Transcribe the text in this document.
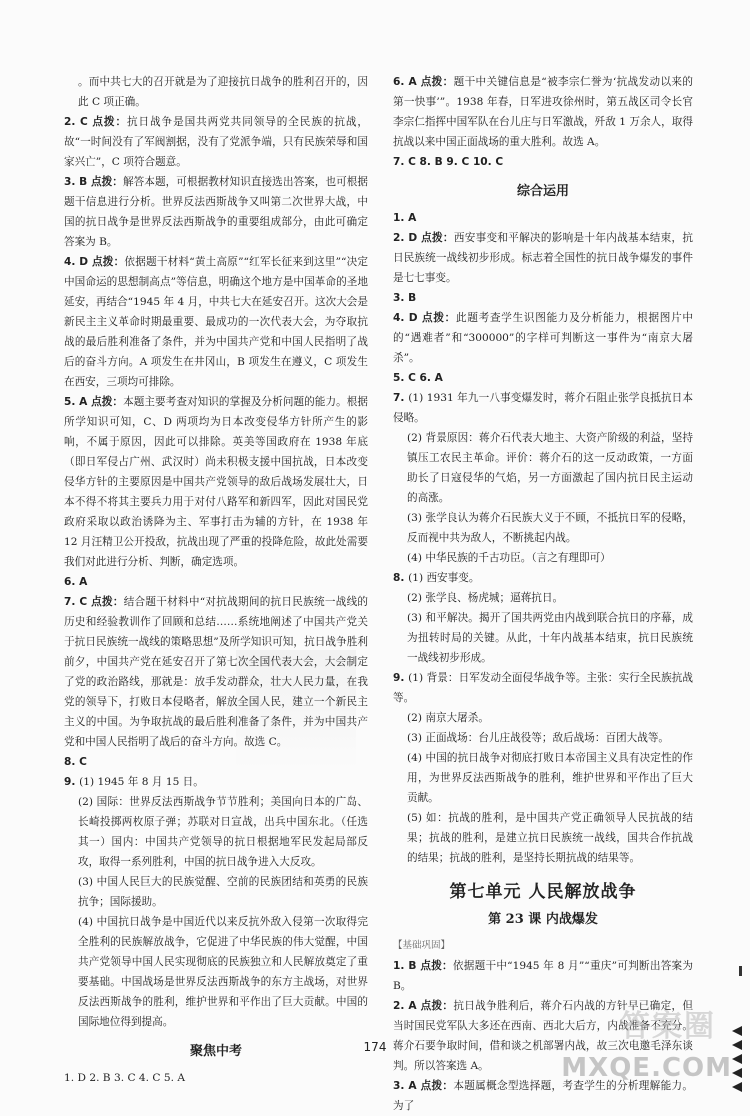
。而中共七大的召开就是为了迎接抗日战争的胜利召开的，因此 C 项正确。

2. C 点拨：抗日战争是国共两党共同领导的全民族的抗战，故“一时间没有了军阀割据，没有了党派争端，只有民族荣辱和国家兴亡”，C 项符合题意。

3. B 点拨：解答本题，可根据教材知识直接选出答案，也可根据题干信息进行分析。世界反法西斯战争又叫第二次世界大战，中国的抗日战争是世界反法西斯战争的重要组成部分，由此可确定答案为 B。

4. D 点拨：依据题干材料“黄土高原”“红军长征来到这里”“决定中国命运的思想制高点”等信息，明确这个地方是中国革命的圣地延安，再结合“1945 年 4 月，中共七大在延安召开。这次大会是新民主主义革命时期最重要、最成功的一次代表大会，为夺取抗战的最后胜利准备了条件，并为中国共产党和中国人民指明了战后的奋斗方向。A 项发生在井冈山，B 项发生在遵义，C 项发生在西安，三项均可排除。

5. A 点拨：本题主要考查对知识的掌握及分析问题的能力。根据所学知识可知，C、D 两项均为日本改变侵华方针所产生的影响，不属于原因，因此可以排除。英美等国政府在 1938 年底（即日军侵占广州、武汉时）尚未积极支援中国抗战，日本改变侵华方针的主要原因是中国共产党领导的敌后战场发展壮大，日本不得不将其主要兵力用于对付八路军和新四军，因此对国民党政府采取以政治诱降为主、军事打击为辅的方针，在 1938 年 12 月汪精卫公开投敌，抗战出现了严重的投降危险，故此处需要我们对此进行分析、判断，确定选项。

6. A

7. C 点拨：结合题干材料中“对抗战期间的抗日民族统一战线的历史和经验教训作了回顾和总结……系统地阐述了中国共产党关于抗日民族统一战线的策略思想”及所学知识可知，抗日战争胜利前夕，中国共产党在延安召开了第七次全国代表大会，大会制定了党的政治路线，那就是：放手发动群众，壮大人民力量，在我党的领导下，打败日本侵略者，解放全国人民，建立一个新民主主义的中国。为争取抗战的最后胜利准备了条件，并为中国共产党和中国人民指明了战后的奋斗方向。故选 C。

8. C

9. (1) 1945 年 8 月 15 日。

(2) 国际：世界反法西斯战争节节胜利；美国向日本的广岛、长崎投掷两枚原子弹；苏联对日宣战，出兵中国东北。（任选其一）国内：中国共产党领导的抗日根据地军民发起局部反攻，取得一系列胜利，中国的抗日战争进入大反攻。

(3) 中国人民巨大的民族觉醒、空前的民族团结和英勇的民族抗争；国际援助。

(4) 中国抗日战争是中国近代以来反抗外敌入侵第一次取得完全胜利的民族解放战争，它促进了中华民族的伟大觉醒，中国共产党领导中国人民实现彻底的民族独立和人民解放奠定了重要基础。中国战场是世界反法西斯战争的东方主战场，对世界反法西斯战争的胜利，维护世界和平作出了巨大贡献。中国的国际地位得到提高。

聚焦中考
1. D 2. B 3. C 4. C 5. A

6. A 点拨：题干中关键信息是“被李宗仁誉为‘抗战发动以来的第一快事’”。1938 年春，日军进攻徐州时，第五战区司令长官李宗仁指挥中国军队在台儿庄与日军激战，歼敌 1 万余人，取得抗战以来中国正面战场的重大胜利。故选 A。

7. C 8. B 9. C 10. C

综合运用

1. A

2. D 点拨：西安事变和平解决的影响是十年内战基本结束，抗日民族统一战线初步形成。标志着全国性的抗日战争爆发的事件是七七事变。

3. B

4. D 点拨：此题考查学生识图能力及分析能力，根据图片中的“遇难者”和“300000”的字样可判断这一事件为“南京大屠杀”。

5. C 6. A

7. (1) 1931 年九一八事变爆发时，蒋介石阻止张学良抵抗日本侵略。

(2) 背景原因：蒋介石代表大地主、大资产阶级的利益，坚持镇压工农民主革命。评价：蒋介石的这一反动政策，一方面助长了日寇侵华的气焰，另一方面激起了国内抗日民主运动的高涨。

(3) 张学良认为蒋介石民族大义于不顾，不抵抗日军的侵略，反而视中共为敌人，不断挑起内战。

(4) 中华民族的千古功臣。（言之有理即可）

8. (1) 西安事变。

(2) 张学良、杨虎城；逼蒋抗日。

(3) 和平解决。揭开了国共两党由内战到联合抗日的序幕，成为扭转时局的关键。从此，十年内战基本结束，抗日民族统一战线初步形成。

9. (1) 背景：日军发动全面侵华战争等。主张：实行全民族抗战等。

(2) 南京大屠杀。

(3) 正面战场：台儿庄战役等；敌后战场：百团大战等。

(4) 中国的抗日战争对彻底打败日本帝国主义具有决定性的作用，为世界反法西斯战争的胜利，维护世界和平作出了巨大贡献。

(5) 如：抗战的胜利，是中国共产党正确领导人民抗战的结果；抗战的胜利，是建立抗日民族统一战线，国共合作抗战的结果；抗战的胜利，是坚持长期抗战的结果等。

第七单元 人民解放战争
第 23 课 内战爆发
【基础巩固】

1. B 点拨：依据题干中“1945 年 8 月”“重庆”可判断出答案为 B。

2. A 点拨：抗日战争胜利后，蒋介石内战的方针早已确定，但当时国民党军队大多还在西南、西北大后方，内战准备不充分。蒋介石要争取时间，借和谈之机部署内战，故三次电邀毛泽东谈判。所以答案选 A。

3. A 点拨：本题属概念型选择题，考查学生的分析理解能力。为了

174
答案圈
MXQE.COM
